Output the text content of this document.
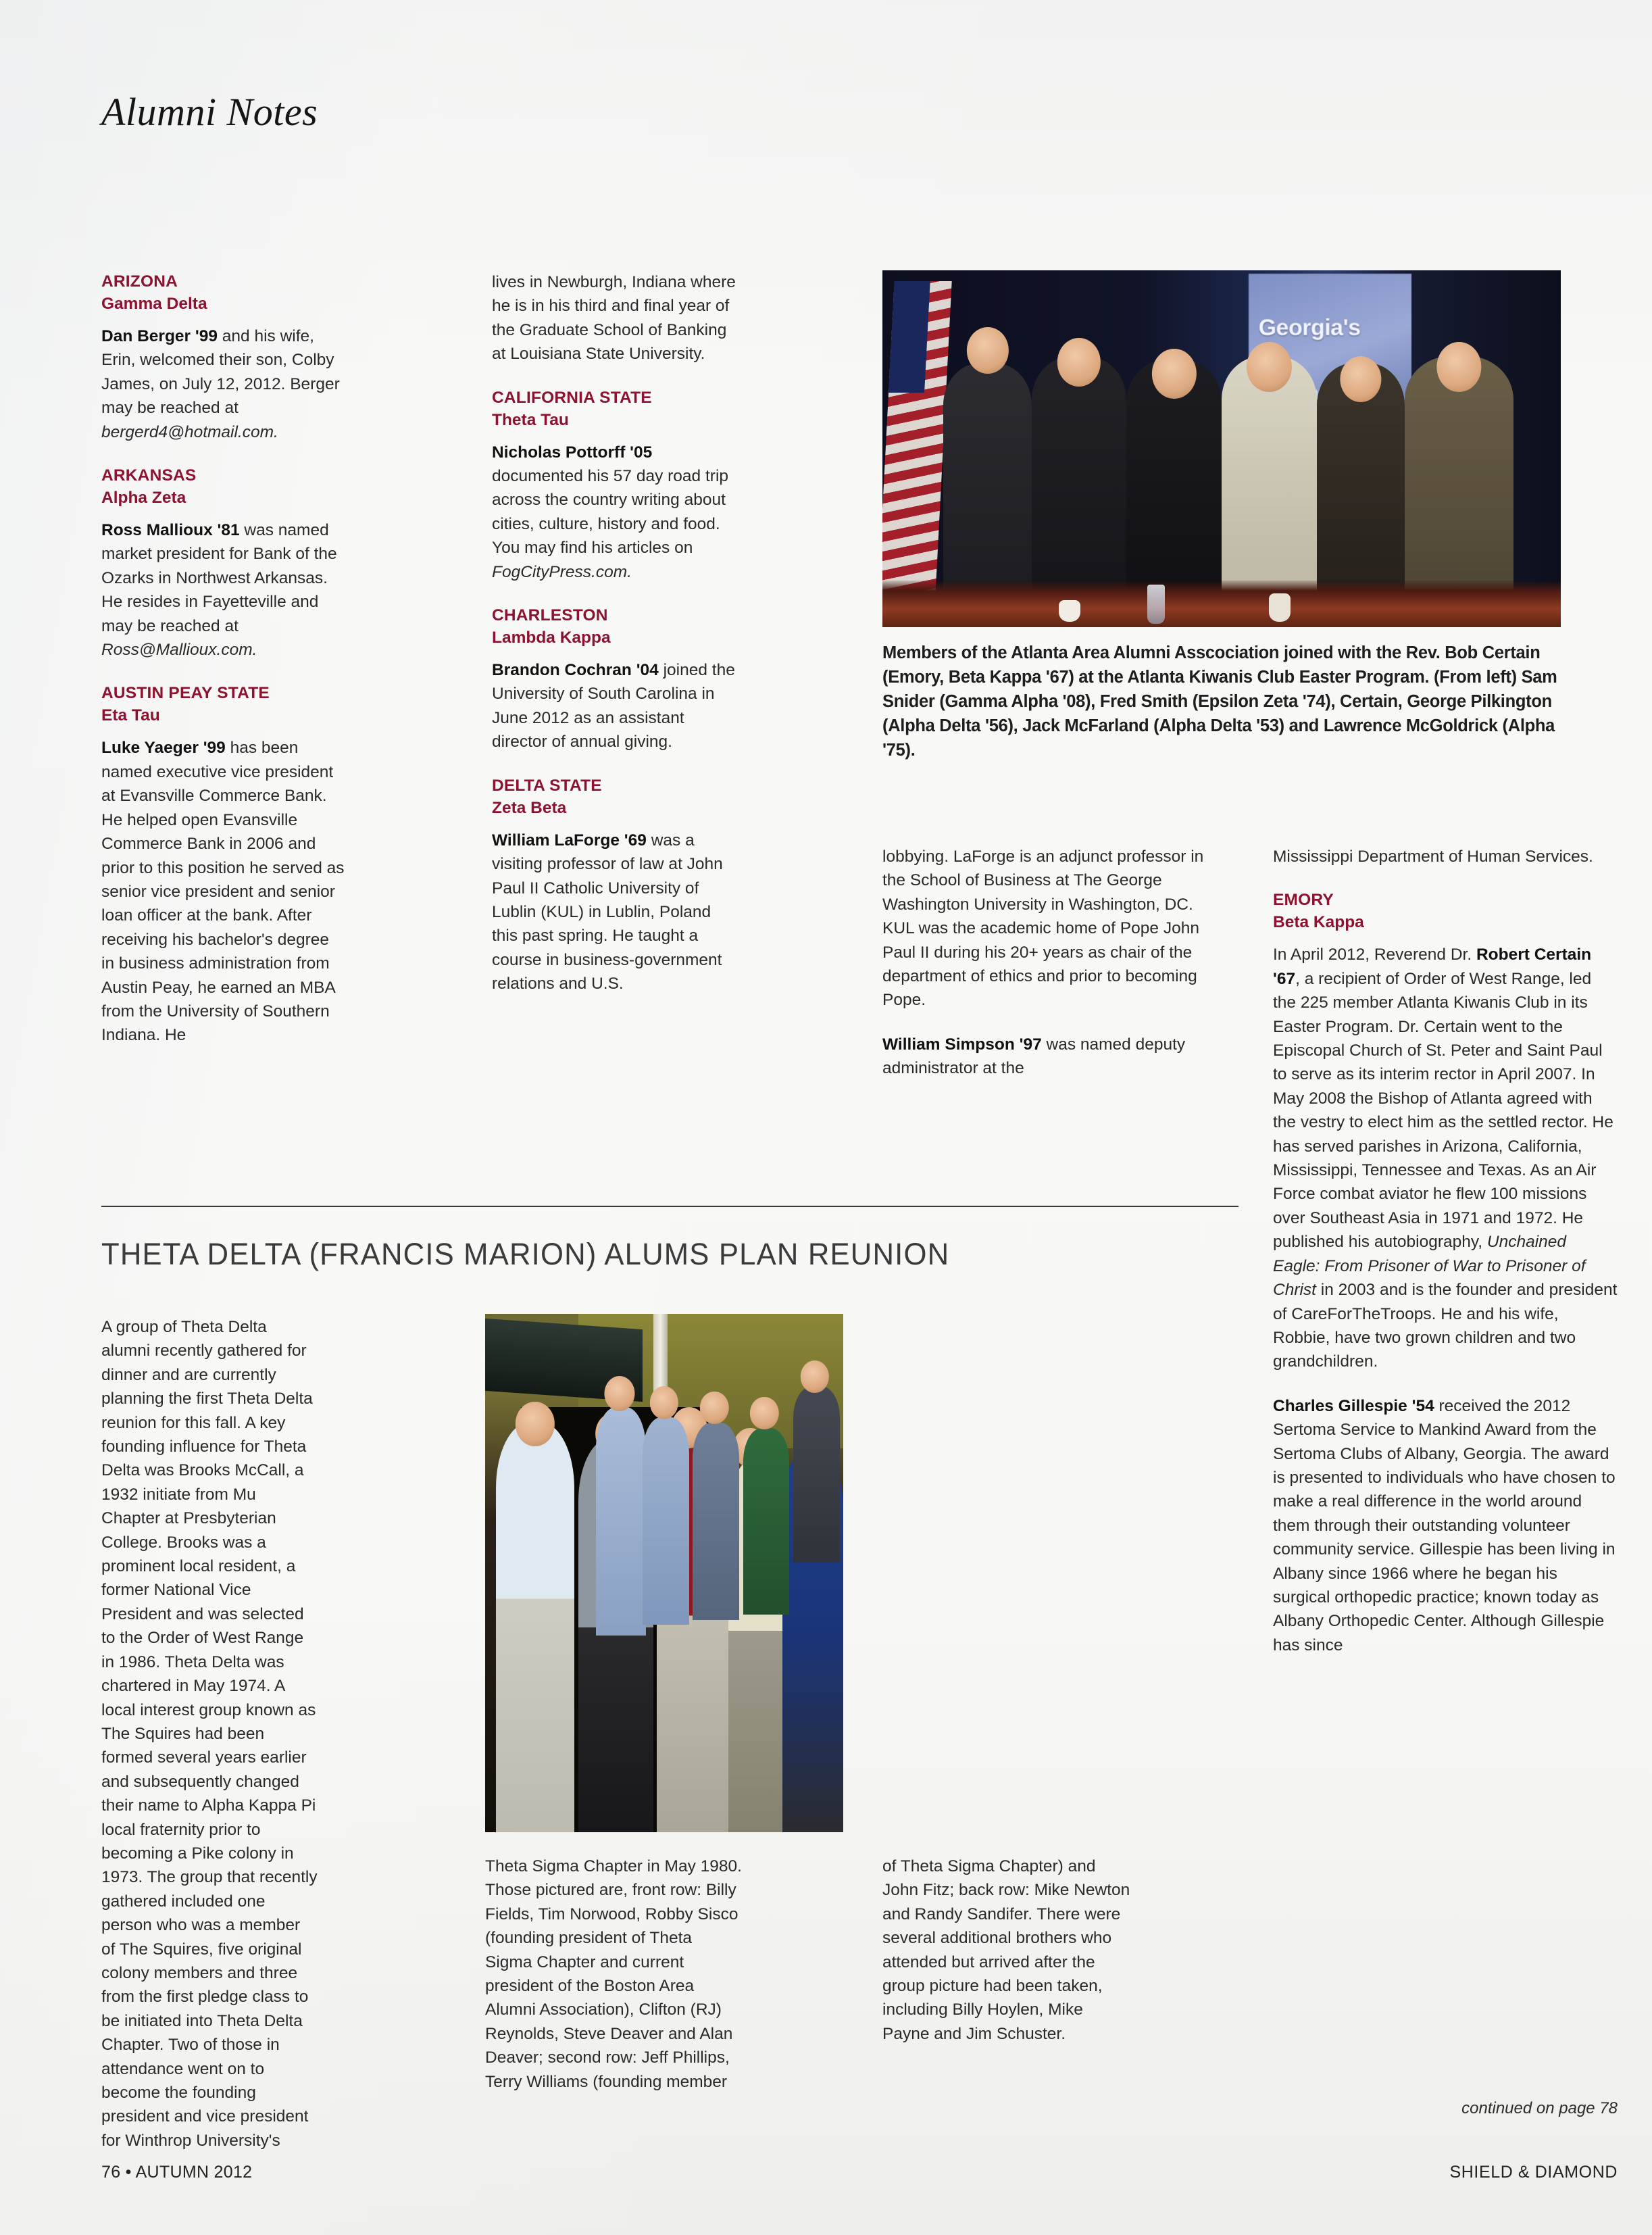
Alumni Notes
ARIZONA
Gamma Delta

Dan Berger '99 and his wife, Erin, welcomed their son, Colby James, on July 12, 2012. Berger may be reached at bergerd4@hotmail.com.

ARKANSAS
Alpha Zeta

Ross Mallioux '81 was named market president for Bank of the Ozarks in Northwest Arkansas. He resides in Fayetteville and may be reached at Ross@Mallioux.com.

AUSTIN PEAY STATE
Eta Tau

Luke Yaeger '99 has been named executive vice president at Evansville Commerce Bank. He helped open Evansville Commerce Bank in 2006 and prior to this position he served as senior vice president and senior loan officer at the bank. After receiving his bachelor's degree in business administration from Austin Peay, he earned an MBA from the University of Southern Indiana. He

lives in Newburgh, Indiana where he is in his third and final year of the Graduate School of Banking at Louisiana State University.

CALIFORNIA STATE
Theta Tau

Nicholas Pottorff '05 documented his 57 day road trip across the country writing about cities, culture, history and food. You may find his articles on FogCityPress.com.

CHARLESTON
Lambda Kappa

Brandon Cochran '04 joined the University of South Carolina in June 2012 as an assistant director of annual giving.

DELTA STATE
Zeta Beta

William LaForge '69 was a visiting professor of law at John Paul II Catholic University of Lublin (KUL) in Lublin, Poland this past spring. He taught a course in business-government relations and U.S.

Georgia's
Members of the Atlanta Area Alumni Asscociation joined with the Rev. Bob Certain (Emory, Beta Kappa '67) at the Atlanta Kiwanis Club Easter Program. (From left) Sam Snider (Gamma Alpha '08), Fred Smith (Epsilon Zeta '74), Certain, George Pilkington (Alpha Delta '56), Jack McFarland (Alpha Delta '53) and Lawrence McGoldrick (Alpha '75).

lobbying. LaForge is an adjunct professor in the School of Business at The George Washington University in Washington, DC. KUL was the academic home of Pope John Paul II during his 20+ years as chair of the department of ethics and prior to becoming Pope.

William Simpson '97 was named deputy administrator at the

Mississippi Department of Human Services.

EMORY
Beta Kappa

In April 2012, Reverend Dr. Robert Certain '67, a recipient of Order of West Range, led the 225 member Atlanta Kiwanis Club in its Easter Program. Dr. Certain went to the Episcopal Church of St. Peter and Saint Paul to serve as its interim rector in April 2007. In May 2008 the Bishop of Atlanta agreed with the vestry to elect him as the settled rector. He has served parishes in Arizona, California, Mississippi, Tennessee and Texas. As an Air Force combat aviator he flew 100 missions over Southeast Asia in 1971 and 1972. He published his autobiography, Unchained Eagle: From Prisoner of War to Prisoner of Christ in 2003 and is the founder and president of CareForTheTroops. He and his wife, Robbie, have two grown children and two grandchildren.

Charles Gillespie '54 received the 2012 Sertoma Service to Mankind Award from the Sertoma Clubs of Albany, Georgia. The award is presented to individuals who have chosen to make a real difference in the world around them through their outstanding volunteer community service. Gillespie has been living in Albany since 1966 where he began his surgical orthopedic practice; known today as Albany Orthopedic Center. Although Gillespie has since

THETA DELTA (FRANCIS MARION) ALUMS PLAN REUNION

A group of Theta Delta alumni recently gathered for dinner and are currently planning the first Theta Delta reunion for this fall. A key founding influence for Theta Delta was Brooks McCall, a 1932 initiate from Mu Chapter at Presbyterian College. Brooks was a prominent local resident, a former National Vice President and was selected to the Order of West Range in 1986. Theta Delta was chartered in May 1974. A local interest group known as The Squires had been formed several years earlier and subsequently changed their name to Alpha Kappa Pi local fraternity prior to becoming a Pike colony in 1973. The group that recently gathered included one person who was a member of The Squires, five original colony members and three from the first pledge class to be initiated into Theta Delta Chapter. Two of those in attendance went on to become the founding president and vice president for Winthrop University's

Theta Sigma Chapter in May 1980. Those pictured are, front row: Billy Fields, Tim Norwood, Robby Sisco (founding president of Theta Sigma Chapter and current president of the Boston Area Alumni Association), Clifton (RJ) Reynolds, Steve Deaver and Alan Deaver; second row: Jeff Phillips, Terry Williams (founding member

of Theta Sigma Chapter) and John Fitz; back row: Mike Newton and Randy Sandifer. There were several additional brothers who attended but arrived after the group picture had been taken, including Billy Hoylen, Mike Payne and Jim Schuster.

continued on page 78
76 • AUTUMN 2012	SHIELD & DIAMOND
